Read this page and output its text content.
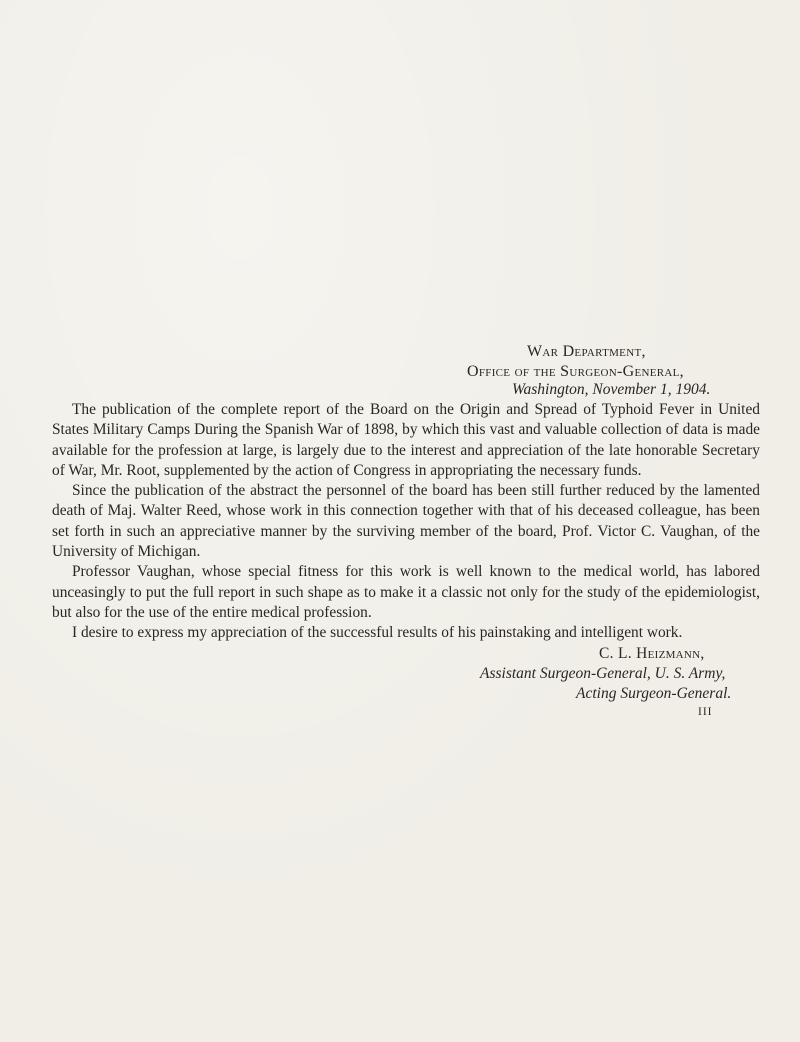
War Department,
Office of the Surgeon-General,
Washington, November 1, 1904.

The publication of the complete report of the Board on the Origin and Spread of Typhoid Fever in United States Military Camps During the Spanish War of 1898, by which this vast and valuable collection of data is made available for the profession at large, is largely due to the interest and appreciation of the late honorable Secretary of War, Mr. Root, supplemented by the action of Congress in appropriating the necessary funds.

Since the publication of the abstract the personnel of the board has been still further reduced by the lamented death of Maj. Walter Reed, whose work in this connection together with that of his deceased colleague, has been set forth in such an appreciative manner by the surviving member of the board, Prof. Victor C. Vaughan, of the University of Michigan.

Professor Vaughan, whose special fitness for this work is well known to the medical world, has labored unceasingly to put the full report in such shape as to make it a classic not only for the study of the epidemiologist, but also for the use of the entire medical profession.

I desire to express my appreciation of the successful results of his painstaking and intelligent work.

C. L. Heizmann,
Assistant Surgeon-General, U. S. Army,
Acting Surgeon-General.
III
